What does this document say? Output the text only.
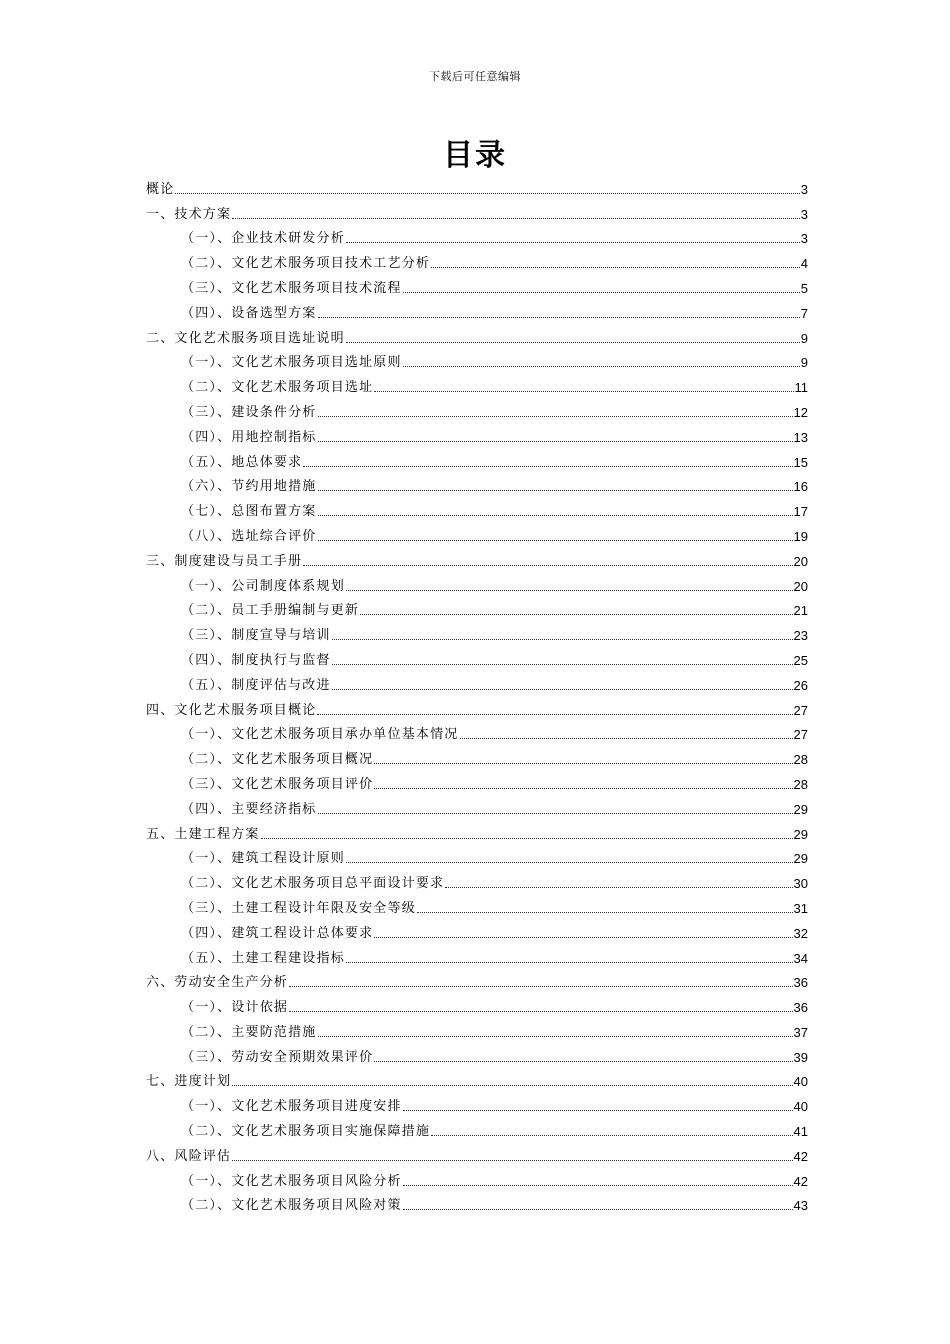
下载后可任意编辑
目录
概论	3
一、技术方案	3
（一）、企业技术研发分析	3
（二）、文化艺术服务项目技术工艺分析	4
（三）、文化艺术服务项目技术流程	5
（四）、设备选型方案	7
二、文化艺术服务项目选址说明	9
（一）、文化艺术服务项目选址原则	9
（二）、文化艺术服务项目选址	11
（三）、建设条件分析	12
（四）、用地控制指标	13
（五）、地总体要求	15
（六）、节约用地措施	16
（七）、总图布置方案	17
（八）、选址综合评价	19
三、制度建设与员工手册	20
（一）、公司制度体系规划	20
（二）、员工手册编制与更新	21
（三）、制度宣导与培训	23
（四）、制度执行与监督	25
（五）、制度评估与改进	26
四、文化艺术服务项目概论	27
（一）、文化艺术服务项目承办单位基本情况	27
（二）、文化艺术服务项目概况	28
（三）、文化艺术服务项目评价	28
（四）、主要经济指标	29
五、土建工程方案	29
（一）、建筑工程设计原则	29
（二）、文化艺术服务项目总平面设计要求	30
（三）、土建工程设计年限及安全等级	31
（四）、建筑工程设计总体要求	32
（五）、土建工程建设指标	34
六、劳动安全生产分析	36
（一）、设计依据	36
（二）、主要防范措施	37
（三）、劳动安全预期效果评价	39
七、进度计划	40
（一）、文化艺术服务项目进度安排	40
（二）、文化艺术服务项目实施保障措施	41
八、风险评估	42
（一）、文化艺术服务项目风险分析	42
（二）、文化艺术服务项目风险对策	43
